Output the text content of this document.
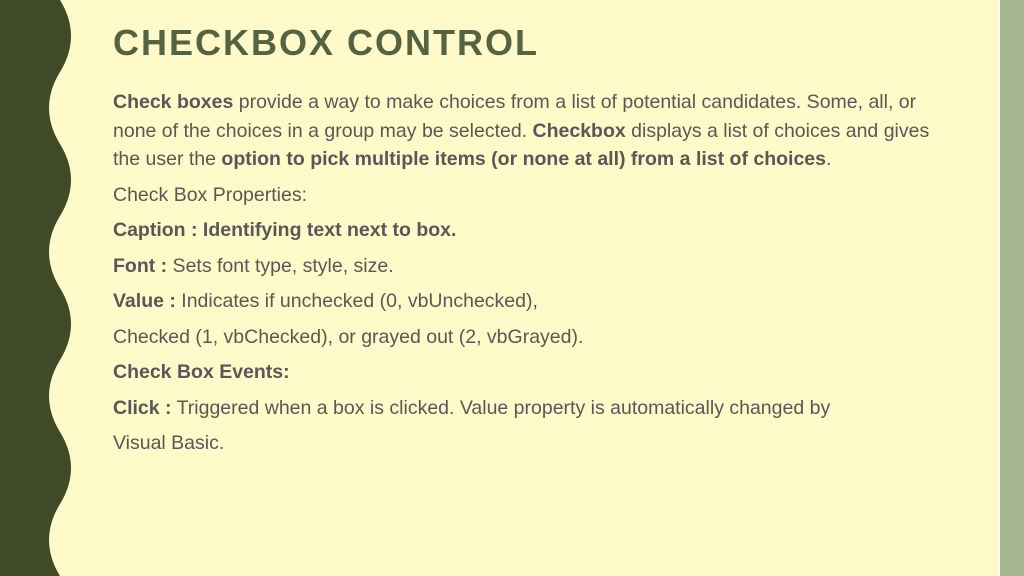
CHECKBOX CONTROL

Check boxes provide a way to make choices from a list of potential candidates. Some, all, or none of the choices in a group may be selected. Checkbox displays a list of choices and gives the user the option to pick multiple items (or none at all) from a list of choices.

Check Box Properties:

Caption : Identifying text next to box.

Font : Sets font type, style, size.

Value : Indicates if unchecked (0, vbUnchecked),

Checked (1, vbChecked), or grayed out (2, vbGrayed).

Check Box Events:

Click : Triggered when a box is clicked. Value property is automatically changed by

Visual Basic.
